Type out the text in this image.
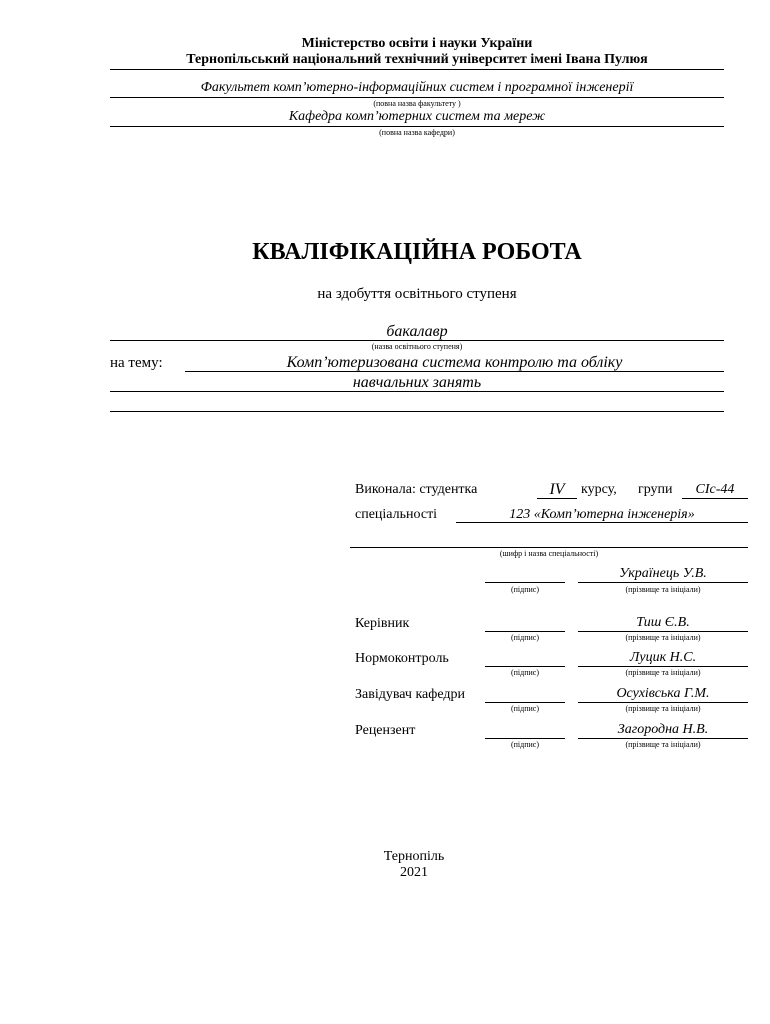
Міністерство освіти і науки України
Тернопільський національний технічний університет імені Івана Пулюя
Факультет комп’ютерно-інформаційних систем і програмної інженерії
(повна назва факультету )
Кафедра комп’ютерних систем та мереж
(повна назва кафедри)
КВАЛІФІКАЦІЙНА РОБОТА
на здобуття освітнього ступеня
бакалавр
(назва освітнього ступеня)
на тему:	Комп’ютеризована система контролю та обліку
навчальних занять
Виконала: студентка	IV	курсу, групи	СІс-44
спеціальності	123 «Комп’ютерна інженерія»
(шифр і назва спеціальності)
(підпис)
Українець У.В.
(прізвище та ініціали)
Керівник
(підпис)
Тиш Є.В.
(прізвище та ініціали)
Нормоконтроль
(підпис)
Луцик Н.С.
(прізвище та ініціали)
Завідувач кафедри
(підпис)
Осухівська Г.М.
(прізвище та ініціали)
Рецензент
(підпис)
Загородна Н.В.
(прізвище та ініціали)
Тернопіль
2021
